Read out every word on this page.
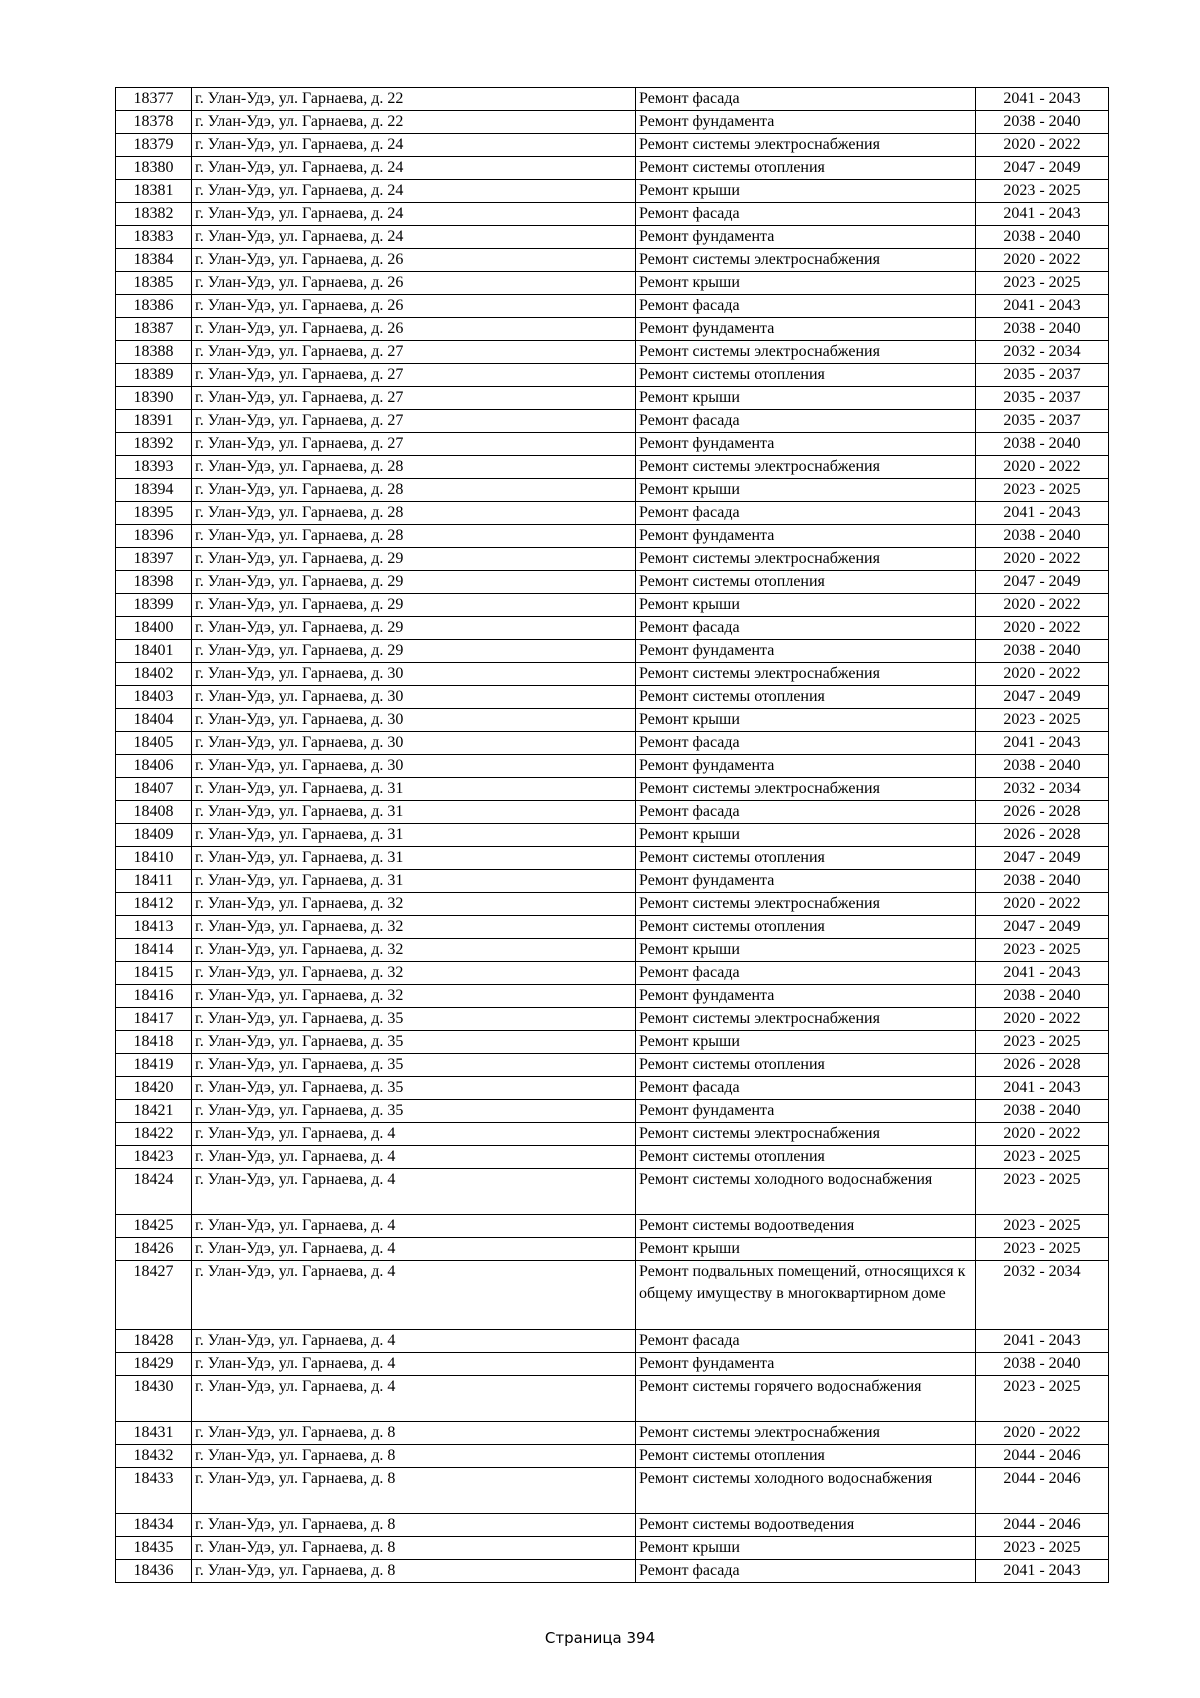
18377	г. Улан-Удэ, ул. Гарнаева, д. 22	Ремонт фасада	2041 - 2043
18378	г. Улан-Удэ, ул. Гарнаева, д. 22	Ремонт фундамента	2038 - 2040
18379	г. Улан-Удэ, ул. Гарнаева, д. 24	Ремонт системы электроснабжения	2020 - 2022
18380	г. Улан-Удэ, ул. Гарнаева, д. 24	Ремонт системы отопления	2047 - 2049
18381	г. Улан-Удэ, ул. Гарнаева, д. 24	Ремонт крыши	2023 - 2025
18382	г. Улан-Удэ, ул. Гарнаева, д. 24	Ремонт фасада	2041 - 2043
18383	г. Улан-Удэ, ул. Гарнаева, д. 24	Ремонт фундамента	2038 - 2040
18384	г. Улан-Удэ, ул. Гарнаева, д. 26	Ремонт системы электроснабжения	2020 - 2022
18385	г. Улан-Удэ, ул. Гарнаева, д. 26	Ремонт крыши	2023 - 2025
18386	г. Улан-Удэ, ул. Гарнаева, д. 26	Ремонт фасада	2041 - 2043
18387	г. Улан-Удэ, ул. Гарнаева, д. 26	Ремонт фундамента	2038 - 2040
18388	г. Улан-Удэ, ул. Гарнаева, д. 27	Ремонт системы электроснабжения	2032 - 2034
18389	г. Улан-Удэ, ул. Гарнаева, д. 27	Ремонт системы отопления	2035 - 2037
18390	г. Улан-Удэ, ул. Гарнаева, д. 27	Ремонт крыши	2035 - 2037
18391	г. Улан-Удэ, ул. Гарнаева, д. 27	Ремонт фасада	2035 - 2037
18392	г. Улан-Удэ, ул. Гарнаева, д. 27	Ремонт фундамента	2038 - 2040
18393	г. Улан-Удэ, ул. Гарнаева, д. 28	Ремонт системы электроснабжения	2020 - 2022
18394	г. Улан-Удэ, ул. Гарнаева, д. 28	Ремонт крыши	2023 - 2025
18395	г. Улан-Удэ, ул. Гарнаева, д. 28	Ремонт фасада	2041 - 2043
18396	г. Улан-Удэ, ул. Гарнаева, д. 28	Ремонт фундамента	2038 - 2040
18397	г. Улан-Удэ, ул. Гарнаева, д. 29	Ремонт системы электроснабжения	2020 - 2022
18398	г. Улан-Удэ, ул. Гарнаева, д. 29	Ремонт системы отопления	2047 - 2049
18399	г. Улан-Удэ, ул. Гарнаева, д. 29	Ремонт крыши	2020 - 2022
18400	г. Улан-Удэ, ул. Гарнаева, д. 29	Ремонт фасада	2020 - 2022
18401	г. Улан-Удэ, ул. Гарнаева, д. 29	Ремонт фундамента	2038 - 2040
18402	г. Улан-Удэ, ул. Гарнаева, д. 30	Ремонт системы электроснабжения	2020 - 2022
18403	г. Улан-Удэ, ул. Гарнаева, д. 30	Ремонт системы отопления	2047 - 2049
18404	г. Улан-Удэ, ул. Гарнаева, д. 30	Ремонт крыши	2023 - 2025
18405	г. Улан-Удэ, ул. Гарнаева, д. 30	Ремонт фасада	2041 - 2043
18406	г. Улан-Удэ, ул. Гарнаева, д. 30	Ремонт фундамента	2038 - 2040
18407	г. Улан-Удэ, ул. Гарнаева, д. 31	Ремонт системы электроснабжения	2032 - 2034
18408	г. Улан-Удэ, ул. Гарнаева, д. 31	Ремонт фасада	2026 - 2028
18409	г. Улан-Удэ, ул. Гарнаева, д. 31	Ремонт крыши	2026 - 2028
18410	г. Улан-Удэ, ул. Гарнаева, д. 31	Ремонт системы отопления	2047 - 2049
18411	г. Улан-Удэ, ул. Гарнаева, д. 31	Ремонт фундамента	2038 - 2040
18412	г. Улан-Удэ, ул. Гарнаева, д. 32	Ремонт системы электроснабжения	2020 - 2022
18413	г. Улан-Удэ, ул. Гарнаева, д. 32	Ремонт системы отопления	2047 - 2049
18414	г. Улан-Удэ, ул. Гарнаева, д. 32	Ремонт крыши	2023 - 2025
18415	г. Улан-Удэ, ул. Гарнаева, д. 32	Ремонт фасада	2041 - 2043
18416	г. Улан-Удэ, ул. Гарнаева, д. 32	Ремонт фундамента	2038 - 2040
18417	г. Улан-Удэ, ул. Гарнаева, д. 35	Ремонт системы электроснабжения	2020 - 2022
18418	г. Улан-Удэ, ул. Гарнаева, д. 35	Ремонт крыши	2023 - 2025
18419	г. Улан-Удэ, ул. Гарнаева, д. 35	Ремонт системы отопления	2026 - 2028
18420	г. Улан-Удэ, ул. Гарнаева, д. 35	Ремонт фасада	2041 - 2043
18421	г. Улан-Удэ, ул. Гарнаева, д. 35	Ремонт фундамента	2038 - 2040
18422	г. Улан-Удэ, ул. Гарнаева, д. 4	Ремонт системы электроснабжения	2020 - 2022
18423	г. Улан-Удэ, ул. Гарнаева, д. 4	Ремонт системы отопления	2023 - 2025
18424	г. Улан-Удэ, ул. Гарнаева, д. 4	Ремонт системы холодного водоснабжения	2023 - 2025
18425	г. Улан-Удэ, ул. Гарнаева, д. 4	Ремонт системы водоотведения	2023 - 2025
18426	г. Улан-Удэ, ул. Гарнаева, д. 4	Ремонт крыши	2023 - 2025
18427	г. Улан-Удэ, ул. Гарнаева, д. 4	Ремонт подвальных помещений, относящихся к общему имуществу в многоквартирном доме	2032 - 2034
18428	г. Улан-Удэ, ул. Гарнаева, д. 4	Ремонт фасада	2041 - 2043
18429	г. Улан-Удэ, ул. Гарнаева, д. 4	Ремонт фундамента	2038 - 2040
18430	г. Улан-Удэ, ул. Гарнаева, д. 4	Ремонт системы горячего водоснабжения	2023 - 2025
18431	г. Улан-Удэ, ул. Гарнаева, д. 8	Ремонт системы электроснабжения	2020 - 2022
18432	г. Улан-Удэ, ул. Гарнаева, д. 8	Ремонт системы отопления	2044 - 2046
18433	г. Улан-Удэ, ул. Гарнаева, д. 8	Ремонт системы холодного водоснабжения	2044 - 2046
18434	г. Улан-Удэ, ул. Гарнаева, д. 8	Ремонт системы водоотведения	2044 - 2046
18435	г. Улан-Удэ, ул. Гарнаева, д. 8	Ремонт крыши	2023 - 2025
18436	г. Улан-Удэ, ул. Гарнаева, д. 8	Ремонт фасада	2041 - 2043
Страница 394
